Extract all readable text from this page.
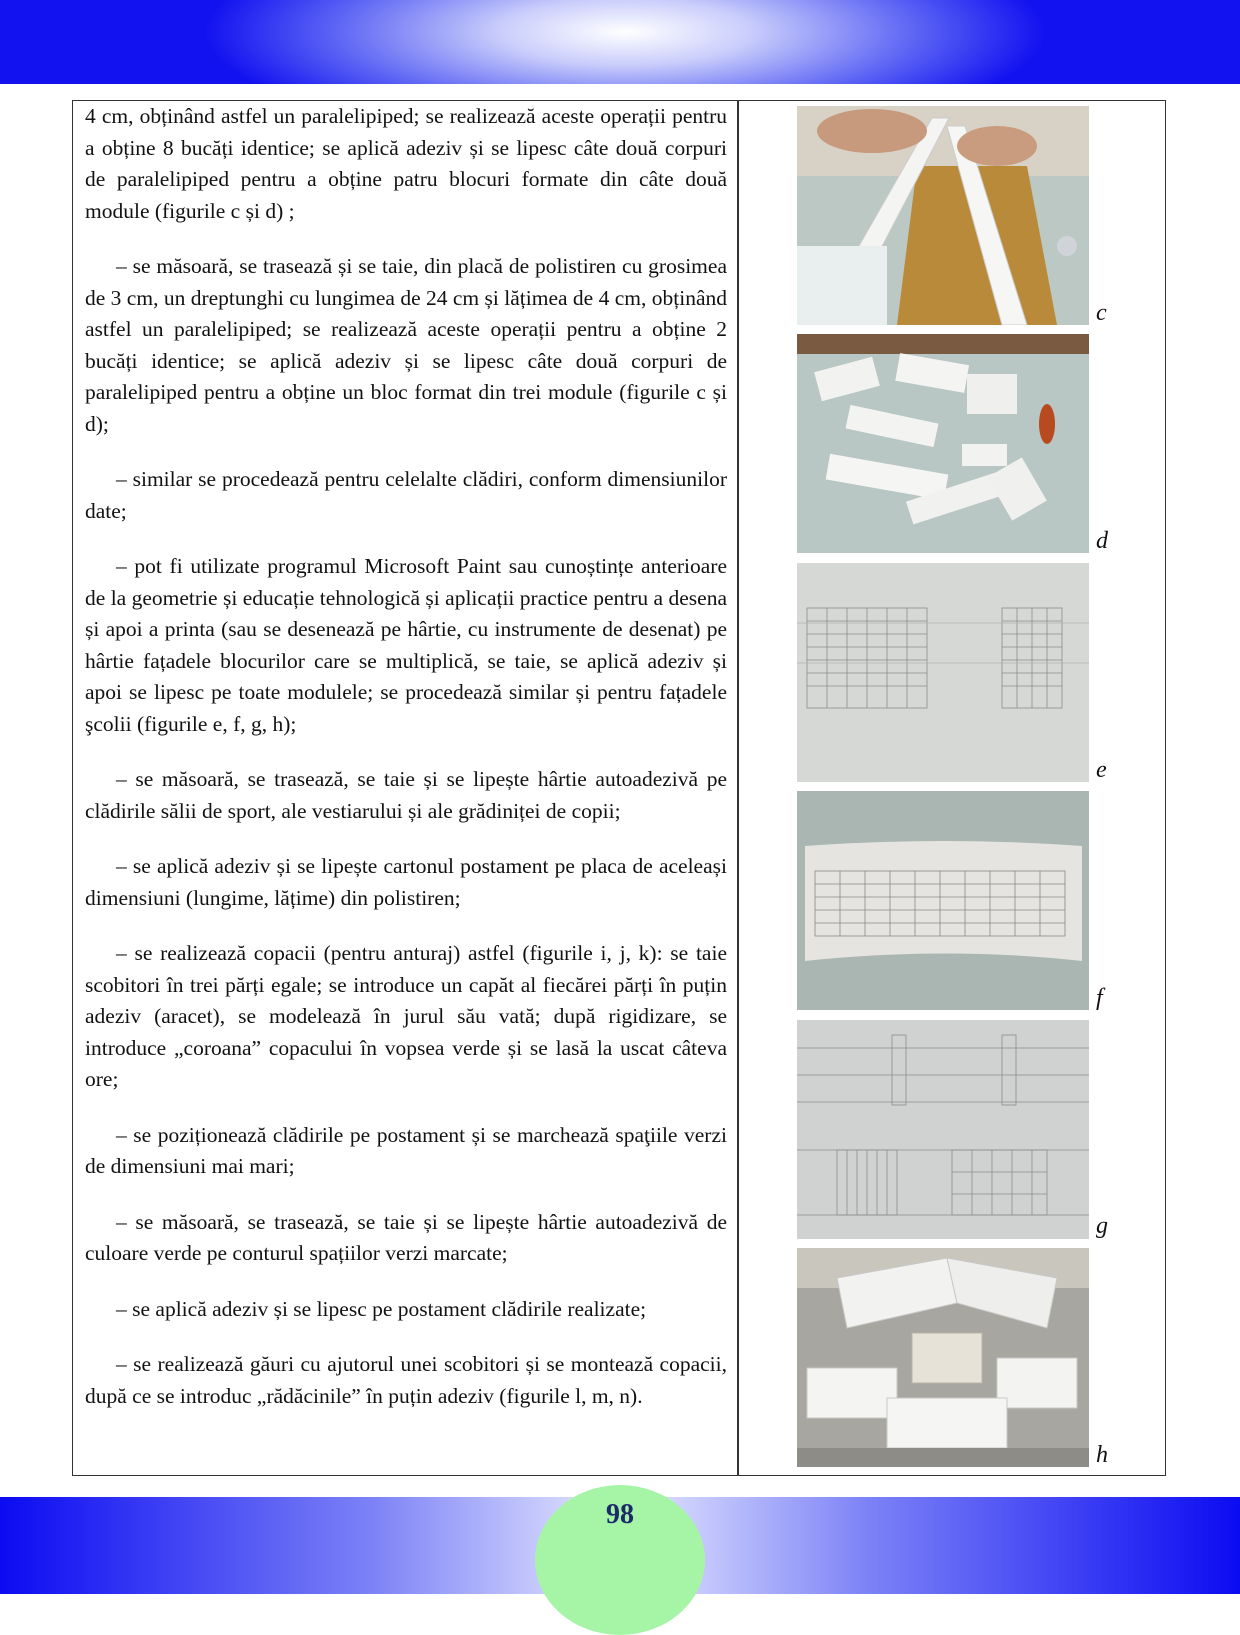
4 cm, obținând astfel un paralelipiped; se realizează aceste operații pentru a obține 8 bucăți identice; se aplică adeziv și se lipesc câte două corpuri de paralelipiped pentru a obține patru blocuri formate din câte două module (figurile c și d) ;

– se măsoară, se trasează și se taie, din placă de polistiren cu grosimea de 3 cm, un dreptunghi cu lungimea de 24 cm și lățimea de 4 cm, obținând astfel un paralelipiped; se realizează aceste operații pentru a obține 2 bucăți identice; se aplică adeziv și se lipesc câte două corpuri de paralelipiped pentru a obține un bloc format din trei module (figurile c și d);

– similar se procedează pentru celelalte clădiri, conform dimensiunilor date;

– pot fi utilizate programul Microsoft Paint sau cunoștințe anterioare de la geometrie și educație tehnologică și aplicații practice pentru a desena și apoi a printa (sau se desenează pe hârtie, cu instrumente de desenat) pe hârtie fațadele blocurilor care se multiplică, se taie, se aplică adeziv și apoi se lipesc pe toate modulele; se procedează similar și pentru fațadele şcolii (figurile e, f, g, h);

– se măsoară, se trasează, se taie și se lipește hârtie autoadezivă pe clădirile sălii de sport, ale vestiarului și ale grădiniței de copii;

– se aplică adeziv și se lipește cartonul postament pe placa de aceleași dimensiuni (lungime, lățime) din polistiren;

– se realizează copacii (pentru anturaj) astfel (figurile i, j, k): se taie scobitori în trei părți egale; se introduce un capăt al fiecărei părți în puțin adeziv (aracet), se modelează în jurul său vată; după rigidizare, se introduce „coroana” copacului în vopsea verde și se lasă la uscat câteva ore;

– se poziționează clădirile pe postament și se marchează spaţiile verzi de dimensiuni mai mari;

– se măsoară, se trasează, se taie și se lipește hârtie autoadezivă de culoare verde pe conturul spațiilor verzi marcate;

– se aplică adeziv și se lipesc pe postament clădirile realizate;

– se realizează găuri cu ajutorul unei scobitori și se montează copacii, după ce se introduc „rădăcinile” în puțin adeziv (figurile l, m, n).

c
d
e
f
g
h
98
